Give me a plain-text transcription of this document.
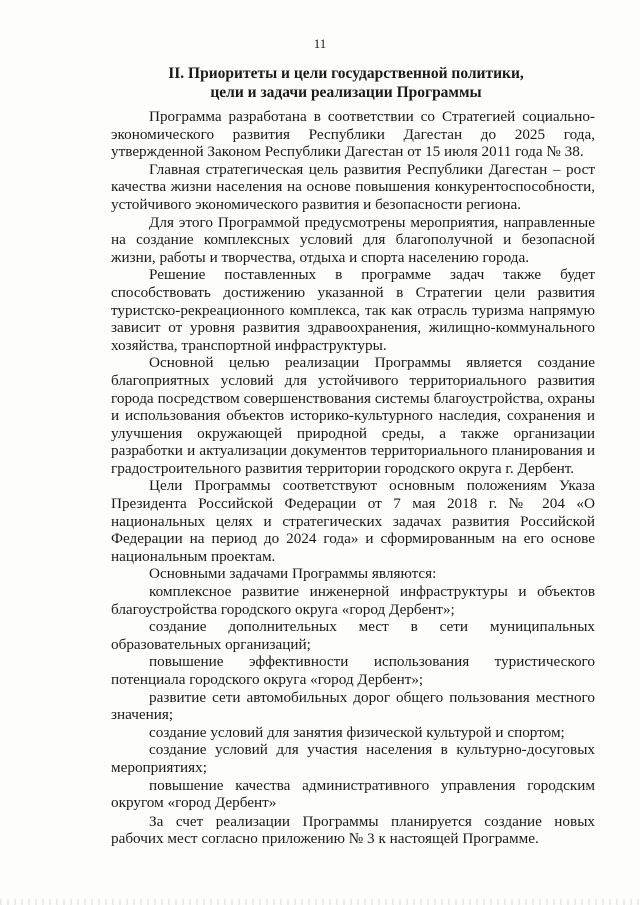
11
II. Приоритеты и цели государственной политики,
цели и задачи реализации Программы

Программа разработана в соответствии со Стратегией социально-экономического развития Республики Дагестан до 2025 года, утвержденной Законом Республики Дагестан от 15 июля 2011 года № 38.

Главная стратегическая цель развития Республики Дагестан – рост качества жизни населения на основе повышения конкурентоспособности, устойчивого экономического развития и безопасности региона.

Для этого Программой предусмотрены мероприятия, направленные на создание комплексных условий для благополучной и безопасной жизни, работы и творчества, отдыха и спорта населению города.

Решение поставленных в программе задач также будет способствовать достижению указанной в Стратегии цели развития туристско-рекреационного комплекса, так как отрасль туризма напрямую зависит от уровня развития здравоохранения, жилищно-коммунального хозяйства, транспортной инфраструктуры.

Основной целью реализации Программы является создание благоприятных условий для устойчивого территориального развития города посредством совершенствования системы благоустройства, охраны и использования объектов историко-культурного наследия, сохранения и улучшения окружающей природной среды, а также организации разработки и актуализации документов территориального планирования и градостроительного развития территории городского округа г. Дербент.

Цели Программы соответствуют основным положениям Указа Президента Российской Федерации от 7 мая 2018 г. № 204 «О национальных целях и стратегических задачах развития Российской Федерации на период до 2024 года» и сформированным на его основе национальным проектам.

Основными задачами Программы являются:

комплексное развитие инженерной инфраструктуры и объектов благоустройства городского округа «город Дербент»;

создание дополнительных мест в сети муниципальных образовательных организаций;

повышение эффективности использования туристического потенциала городского округа «город Дербент»;

развитие сети автомобильных дорог общего пользования местного значения;

создание условий для занятия физической культурой и спортом;

создание условий для участия населения в культурно-досуговых мероприятиях;

повышение качества административного управления городским округом «город Дербент»

За счет реализации Программы планируется создание новых рабочих мест согласно приложению № 3 к настоящей Программе.
